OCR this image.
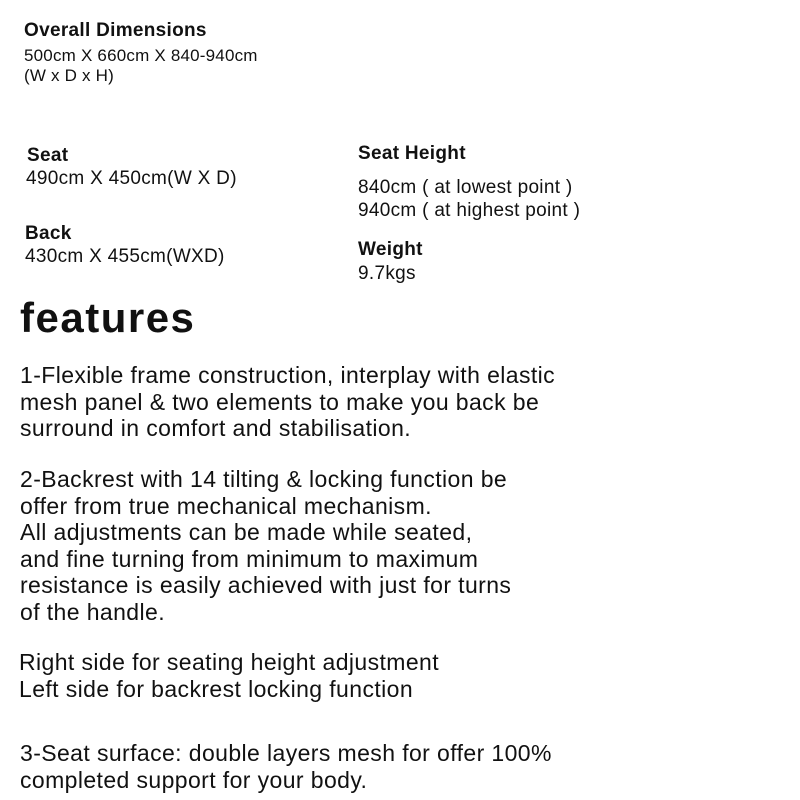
Overall Dimensions
500cm X 660cm X 840-940cm
(W x D x H)
Seat
490cm X 450cm(W X D)
Back
430cm X 455cm(WXD)
Seat Height
840cm ( at lowest point )
940cm ( at highest point )
Weight
9.7kgs
features
1-Flexible frame construction, interplay with elastic
mesh panel & two elements to make you back be
surround in comfort and stabilisation.
2-Backrest with 14 tilting & locking function be
offer from true mechanical mechanism.
All adjustments can be made while seated,
and fine turning from minimum to maximum
resistance is easily achieved with just for turns
of the handle.
Right side for seating height adjustment
Left side for backrest locking function
3-Seat surface: double layers mesh for offer 100%
completed support for your body.
